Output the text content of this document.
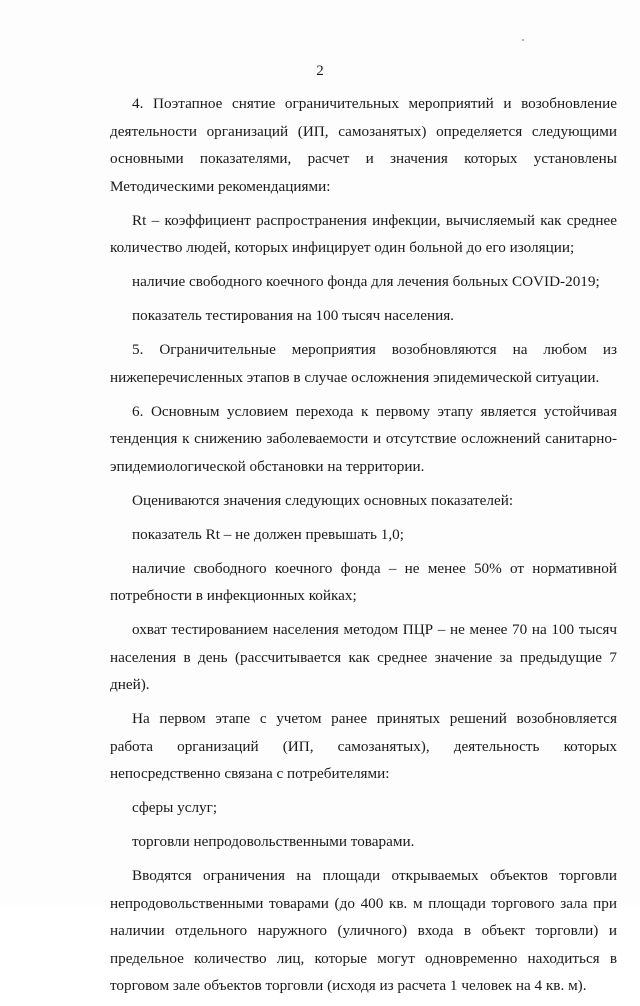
2

4. Поэтапное снятие ограничительных мероприятий и возобновление деятельности организаций (ИП, самозанятых) определяется следующими основными показателями, расчет и значения которых установлены Методическими рекомендациями:

Rt – коэффициент распространения инфекции, вычисляемый как среднее количество людей, которых инфицирует один больной до его изоляции;

наличие свободного коечного фонда для лечения больных COVID-2019;

показатель тестирования на 100 тысяч населения.

5. Ограничительные мероприятия возобновляются на любом из нижеперечисленных этапов в случае осложнения эпидемической ситуации.

6. Основным условием перехода к первому этапу является устойчивая тенденция к снижению заболеваемости и отсутствие осложнений санитарно-эпидемиологической обстановки на территории.

Оцениваются значения следующих основных показателей:

показатель Rt – не должен превышать 1,0;

наличие свободного коечного фонда – не менее 50% от нормативной потребности в инфекционных койках;

охват тестированием населения методом ПЦР – не менее 70 на 100 тысяч населения в день (рассчитывается как среднее значение за предыдущие 7 дней).

На первом этапе с учетом ранее принятых решений возобновляется работа организаций (ИП, самозанятых), деятельность которых непосредственно связана с потребителями:

сферы услуг;

торговли непродовольственными товарами.

Вводятся ограничения на площади открываемых объектов торговли непродовольственными товарами (до 400 кв. м площади торгового зала при наличии отдельного наружного (уличного) входа в объект торговли) и предельное количество лиц, которые могут одновременно находиться в торговом зале объектов торговли (исходя из расчета 1 человек на 4 кв. м).
